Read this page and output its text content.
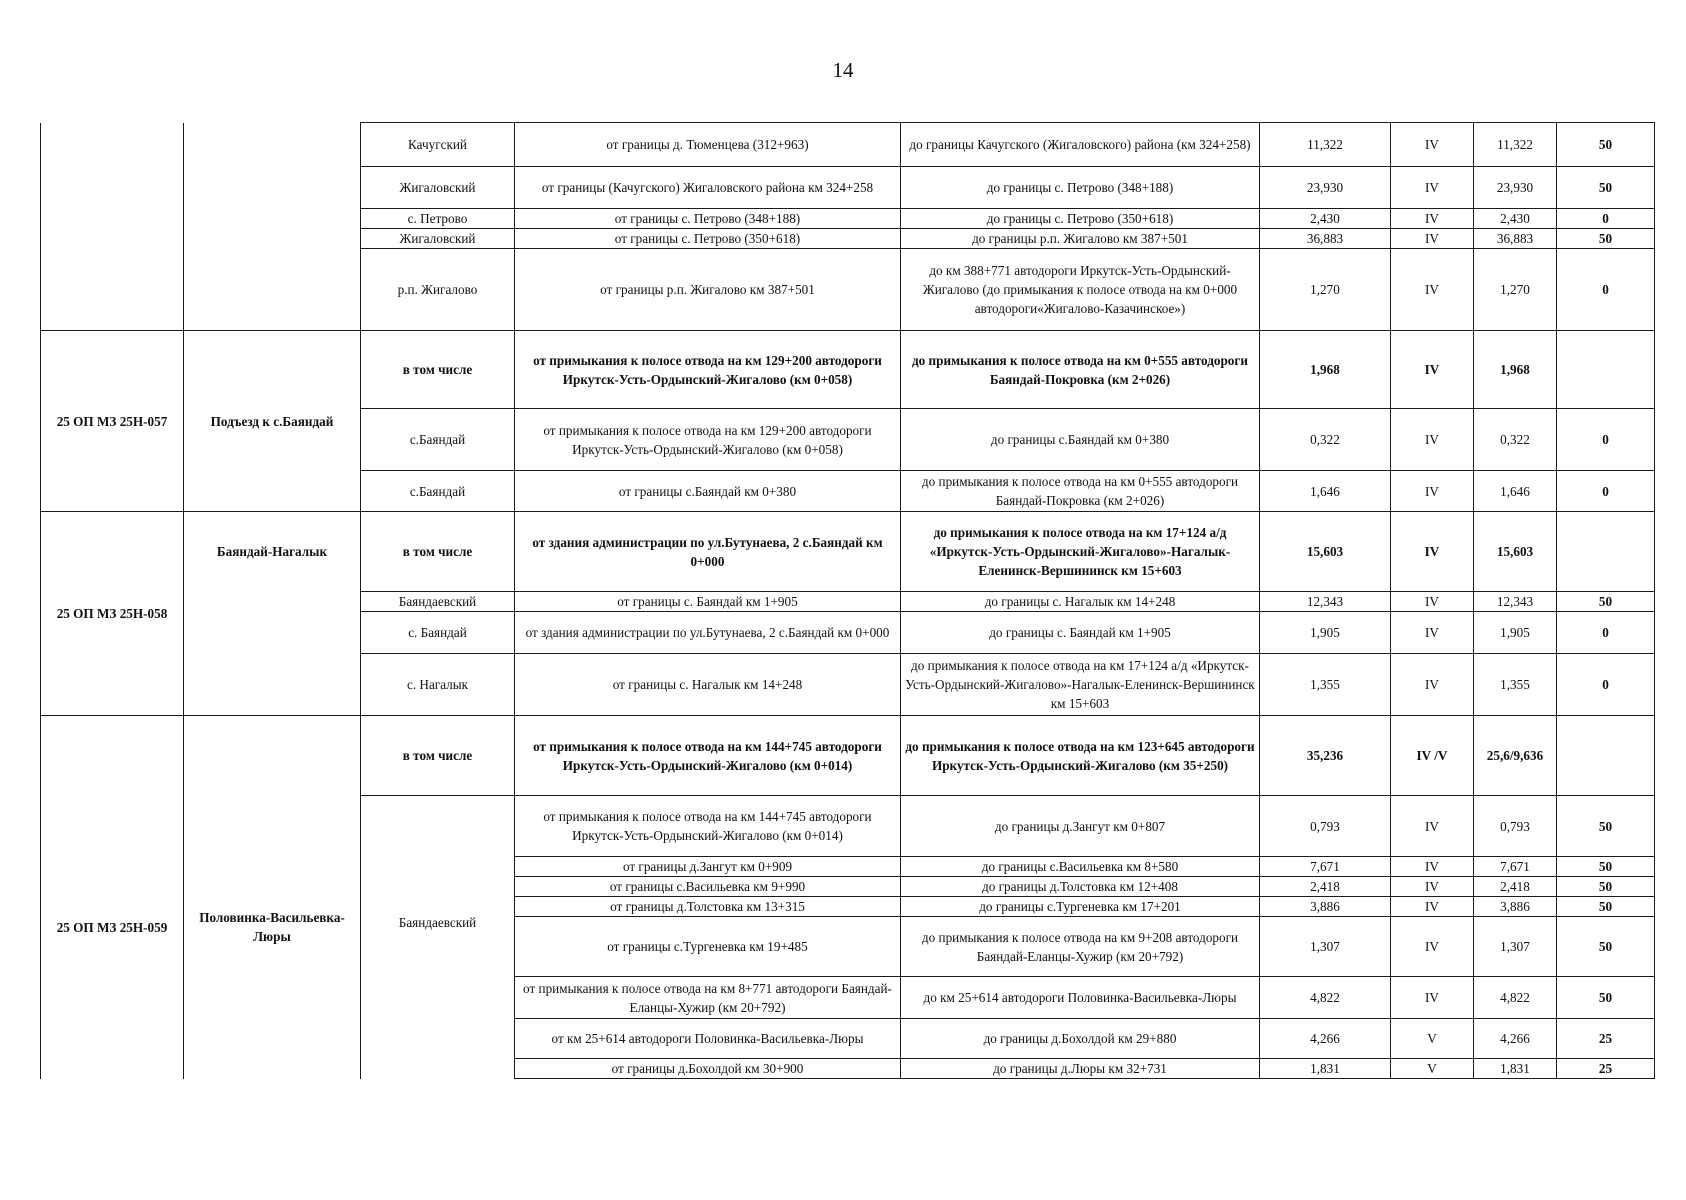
14
		Качугский	от границы д. Тюменцева (312+963)	до границы Качугского (Жигаловского) района (км 324+258)	11,322	IV	11,322	50
		Жигаловский	от границы (Качугского) Жигаловского района км 324+258	до границы с. Петрово (348+188)	23,930	IV	23,930	50
		с. Петрово	от границы с. Петрово (348+188)	до границы с. Петрово (350+618)	2,430	IV	2,430	0
		Жигаловский	от границы с. Петрово (350+618)	до границы р.п. Жигалово км 387+501	36,883	IV	36,883	50
		р.п. Жигалово	от границы р.п. Жигалово км 387+501	до км 388+771 автодороги Иркутск-Усть-Ордынский-Жигалово (до примыкания к полосе отвода на км 0+000 автодороги«Жигалово-Казачинское»)	1,270	IV	1,270	0
25 ОП МЗ 25Н-057	Подъезд к с.Баяндай	в том числе	от примыкания к полосе отвода на км 129+200 автодороги Иркутск-Усть-Ордынский-Жигалово (км 0+058)	до примыкания к полосе отвода на км 0+555 автодороги Баяндай-Покровка (км 2+026)	1,968	IV	1,968	
		с.Баяндай	от примыкания к полосе отвода на км 129+200 автодороги Иркутск-Усть-Ордынский-Жигалово (км 0+058)	до границы с.Баяндай км 0+380	0,322	IV	0,322	0
		с.Баяндай	от границы с.Баяндай км 0+380	до примыкания к полосе отвода на км 0+555 автодороги Баяндай-Покровка (км 2+026)	1,646	IV	1,646	0
25 ОП МЗ 25Н-058	Баяндай-Нагалык	в том числе	от здания администрации по ул.Бутунаева, 2 с.Баяндай км 0+000	до примыкания к полосе отвода на км 17+124 а/д «Иркутск-Усть-Ордынский-Жигалово»-Нагалык-Еленинск-Вершининск км 15+603	15,603	IV	15,603	
		Баяндаевский	от границы с. Баяндай км 1+905	до границы с. Нагалык км 14+248	12,343	IV	12,343	50
		с. Баяндай	от здания администрации по ул.Бутунаева, 2 с.Баяндай км 0+000	до границы с. Баяндай км 1+905	1,905	IV	1,905	0
		с. Нагалык	от границы с. Нагалык км 14+248	до примыкания к полосе отвода на км 17+124 а/д «Иркутск-Усть-Ордынский-Жигалово»-Нагалык-Еленинск-Вершининск км 15+603	1,355	IV	1,355	0
25 ОП МЗ 25Н-059	Половинка-Васильевка-Люры	в том числе	от примыкания к полосе отвода на км 144+745 автодороги Иркутск-Усть-Ордынский-Жигалово (км 0+014)	до примыкания к полосе отвода на км 123+645 автодороги Иркутск-Усть-Ордынский-Жигалово (км 35+250)	35,236	IV /V	25,6/9,636	
		Баяндаевский	от примыкания к полосе отвода на км 144+745 автодороги Иркутск-Усть-Ордынский-Жигалово (км 0+014)	до границы д.Зангут км 0+807	0,793	IV	0,793	50
			от границы д.Зангут км 0+909	до границы с.Васильевка км 8+580	7,671	IV	7,671	50
			от границы с.Васильевка км 9+990	до границы д.Толстовка км 12+408	2,418	IV	2,418	50
			от границы д.Толстовка км 13+315	до границы с.Тургеневка км 17+201	3,886	IV	3,886	50
			от границы с.Тургеневка км 19+485	до примыкания к полосе отвода на км 9+208 автодороги Баяндай-Еланцы-Хужир (км 20+792)	1,307	IV	1,307	50
			от примыкания к полосе отвода на км 8+771 автодороги Баяндай-Еланцы-Хужир (км 20+792)	до км 25+614 автодороги Половинка-Васильевка-Люры	4,822	IV	4,822	50
			от км 25+614 автодороги Половинка-Васильевка-Люры	до границы д.Бохолдой км 29+880	4,266	V	4,266	25
			от границы д.Бохолдой км 30+900	до границы д.Люры км 32+731	1,831	V	1,831	25
